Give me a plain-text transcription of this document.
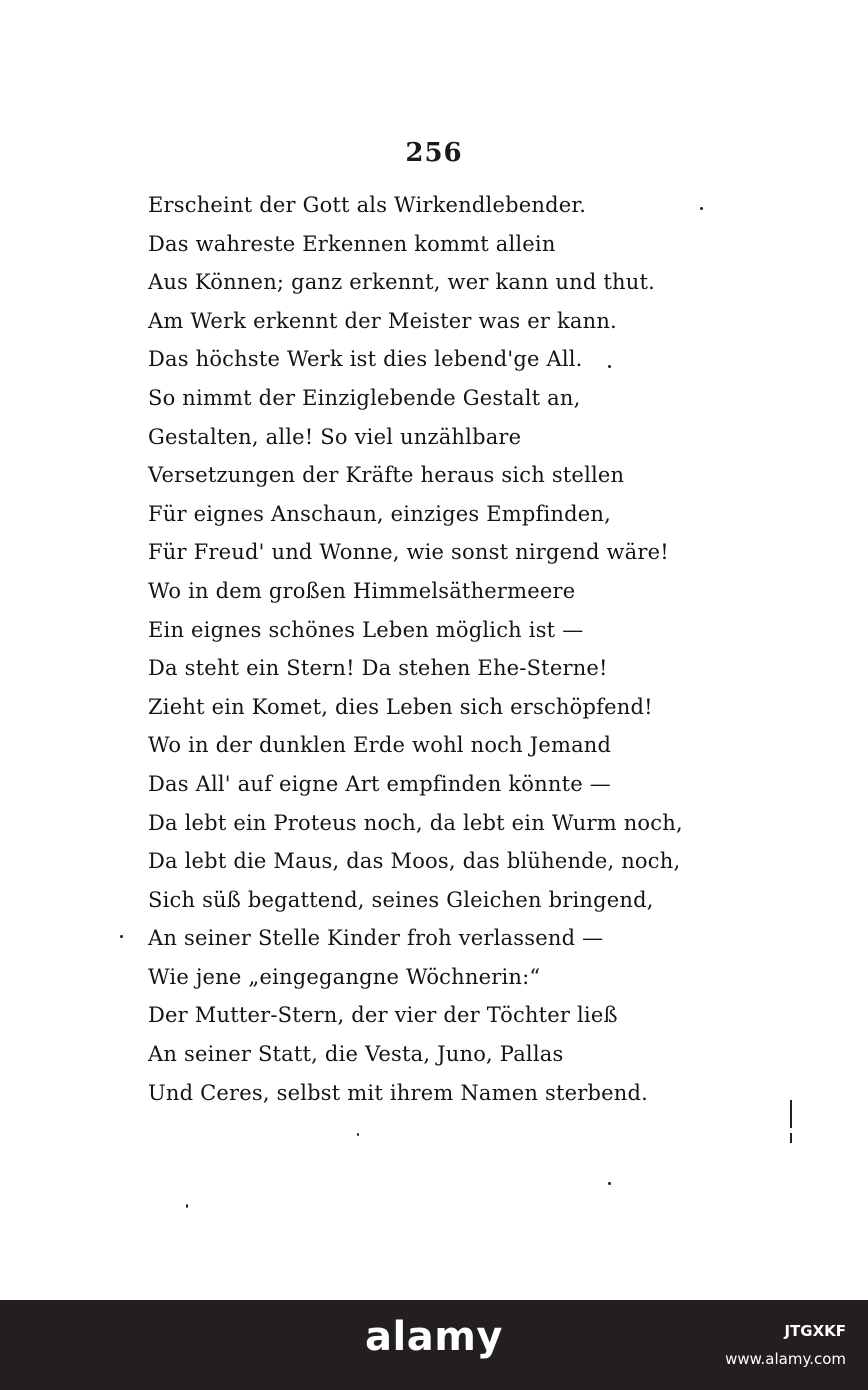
256
Erscheint der Gott als Wirkendlebender.
Das wahreste Erkennen kommt allein
Aus Können; ganz erkennt, wer kann und thut.
Am Werk erkennt der Meister was er kann.
Das höchste Werk ist dies lebend'ge All.
So nimmt der Einziglebende Gestalt an,
Gestalten, alle! So viel unzählbare
Versetzungen der Kräfte heraus sich stellen
Für eignes Anschaun, einziges Empfinden,
Für Freud' und Wonne, wie sonst nirgend wäre!
Wo in dem großen Himmelsäthermeere
Ein eignes schönes Leben möglich ist —
Da steht ein Stern! Da stehen Ehe-Sterne!
Zieht ein Komet, dies Leben sich erschöpfend!
Wo in der dunklen Erde wohl noch Jemand
Das All' auf eigne Art empfinden könnte —
Da lebt ein Proteus noch, da lebt ein Wurm noch,
Da lebt die Maus, das Moos, das blühende, noch,
Sich süß begattend, seines Gleichen bringend,
An seiner Stelle Kinder froh verlassend —
Wie jene „eingegangne Wöchnerin:“
Der Mutter-Stern, der vier der Töchter ließ
An seiner Statt, die Vesta, Juno, Pallas
Und Ceres, selbst mit ihrem Namen sterbend.
alamy	JTGXKF
www.alamy.com
